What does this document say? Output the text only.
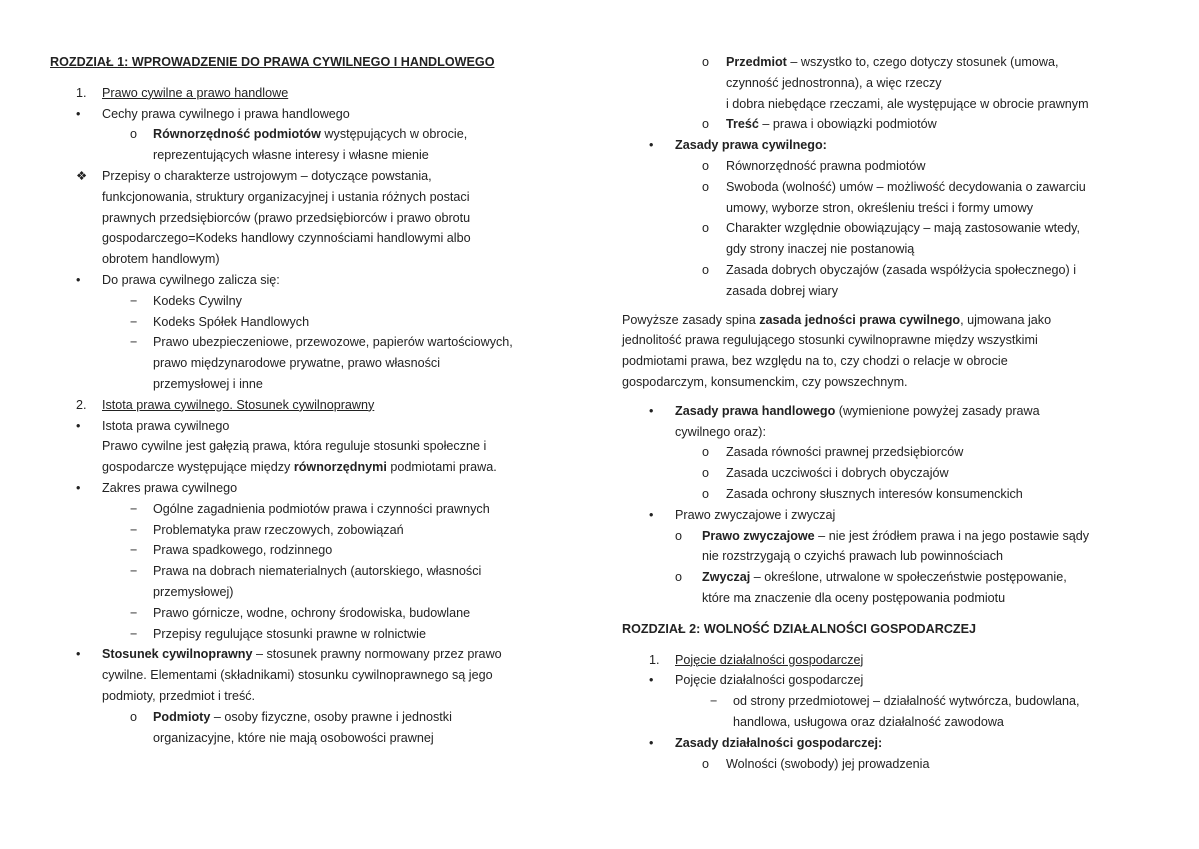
ROZDZIAŁ 1: WPROWADZENIE DO PRAWA CYWILNEGO I HANDLOWEGO
1. Prawo cywilne a prawo handlowe
• Cechy prawa cywilnego i prawa handlowego
o Równorzędność podmiotów występujących w obrocie,
reprezentujących własne interesy i własne mienie
❖ Przepisy o charakterze ustrojowym – dotyczące powstania,
funkcjonowania, struktury organizacyjnej i ustania różnych postaci
prawnych przedsiębiorców (prawo przedsiębiorców i prawo obrotu
gospodarczego=Kodeks handlowy czynnościami handlowymi albo
obrotem handlowym)
• Do prawa cywilnego zalicza się:
− Kodeks Cywilny
− Kodeks Spółek Handlowych
− Prawo ubezpieczeniowe, przewozowe, papierów wartościowych,
prawo międzynarodowe prywatne, prawo własności
przemysłowej i inne
2. Istota prawa cywilnego. Stosunek cywilnoprawny
• Istota prawa cywilnego
Prawo cywilne jest gałęzią prawa, która reguluje stosunki społeczne i
gospodarcze występujące między równorzędnymi podmiotami prawa.
• Zakres prawa cywilnego
− Ogólne zagadnienia podmiotów prawa i czynności prawnych
− Problematyka praw rzeczowych, zobowiązań
− Prawa spadkowego, rodzinnego
− Prawa na dobrach niematerialnych (autorskiego, własności
przemysłowej)
− Prawo górnicze, wodne, ochrony środowiska, budowlane
− Przepisy regulujące stosunki prawne w rolnictwie
• Stosunek cywilnoprawny – stosunek prawny normowany przez prawo
cywilne. Elementami (składnikami) stosunku cywilnoprawnego są jego
podmioty, przedmiot i treść.
o Podmioty – osoby fizyczne, osoby prawne i jednostki
organizacyjne, które nie mają osobowości prawnej
o Przedmiot – wszystko to, czego dotyczy stosunek (umowa,
czynność jednostronna), a więc rzeczy
i dobra niebędące rzeczami, ale występujące w obrocie prawnym
o Treść – prawa i obowiązki podmiotów
• Zasady prawa cywilnego:
o Równorzędność prawna podmiotów
o Swoboda (wolność) umów – możliwość decydowania o zawarciu
umowy, wyborze stron, określeniu treści i formy umowy
o Charakter względnie obowiązujący – mają zastosowanie wtedy,
gdy strony inaczej nie postanowią
o Zasada dobrych obyczajów (zasada współżycia społecznego) i
zasada dobrej wiary
Powyższe zasady spina zasada jedności prawa cywilnego, ujmowana jako
jednolitość prawa regulującego stosunki cywilnoprawne między wszystkimi
podmiotami prawa, bez względu na to, czy chodzi o relacje w obrocie
gospodarczym, konsumenckim, czy powszechnym.
• Zasady prawa handlowego (wymienione powyżej zasady prawa
cywilnego oraz):
o Zasada równości prawnej przedsiębiorców
o Zasada uczciwości i dobrych obyczajów
o Zasada ochrony słusznych interesów konsumenckich
• Prawo zwyczajowe i zwyczaj
o Prawo zwyczajowe – nie jest źródłem prawa i na jego postawie sądy
nie rozstrzygają o czyichś prawach lub powinnościach
o Zwyczaj – określone, utrwalone w społeczeństwie postępowanie,
które ma znaczenie dla oceny postępowania podmiotu
ROZDZIAŁ 2: WOLNOŚĆ DZIAŁALNOŚCI GOSPODARCZEJ
1. Pojęcie działalności gospodarczej
• Pojęcie działalności gospodarczej
− od strony przedmiotowej – działalność wytwórcza, budowlana,
handlowa, usługowa oraz działalność zawodowa
• Zasady działalności gospodarczej:
o Wolności (swobody) jej prowadzenia
